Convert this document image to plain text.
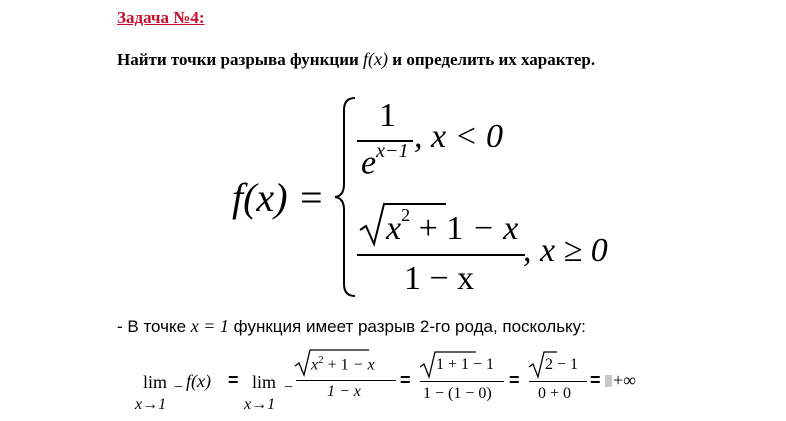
Задача №4:
Найти точки разрыва функции f(x) и определить их характер.
f(x) =
1
$e^{x-1}$ , x < 0
$x^2 + 1 - x$
1 − x
, x ≥ 0
- В точке x = 1 функция имеет разрыв 2-го рода, поскольку:
lim
x→1
− f(x) = lim
x→1
−
$x^2 + 1 - x$
1 − x
=
1 + 1 − 1
1 − (1 − 0)
=
2 − 1
0 + 0
= +∞
